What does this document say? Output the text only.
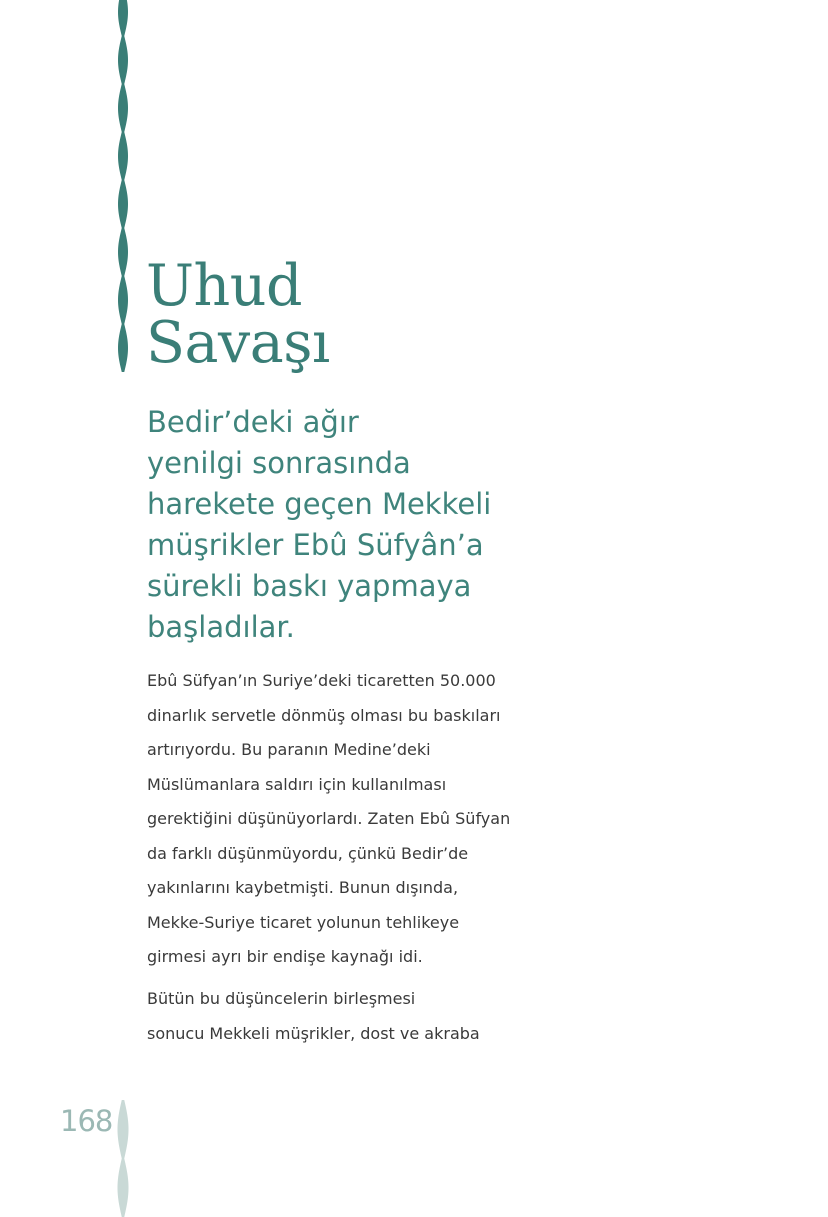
Uhud
Savaşı

Bedir’deki ağır
yenilgi sonrasında
harekete geçen Mekkeli
müşrikler Ebû Süfyân’a
sürekli baskı yapmaya
başladılar.

Ebû Süfyan’ın Suriye’deki ticaretten 50.000
dinarlık servetle dönmüş olması bu baskıları
artırıyordu. Bu paranın Medine’deki
Müslümanlara saldırı için kullanılması
gerektiğini düşünüyorlardı. Zaten Ebû Süfyan
da farklı düşünmüyordu, çünkü Bedir’de
yakınlarını kaybetmişti. Bunun dışında,
Mekke-Suriye ticaret yolunun tehlikeye
girmesi ayrı bir endişe kaynağı idi.

Bütün bu düşüncelerin birleşmesi
sonucu Mekkeli müşrikler, dost ve akraba

168
